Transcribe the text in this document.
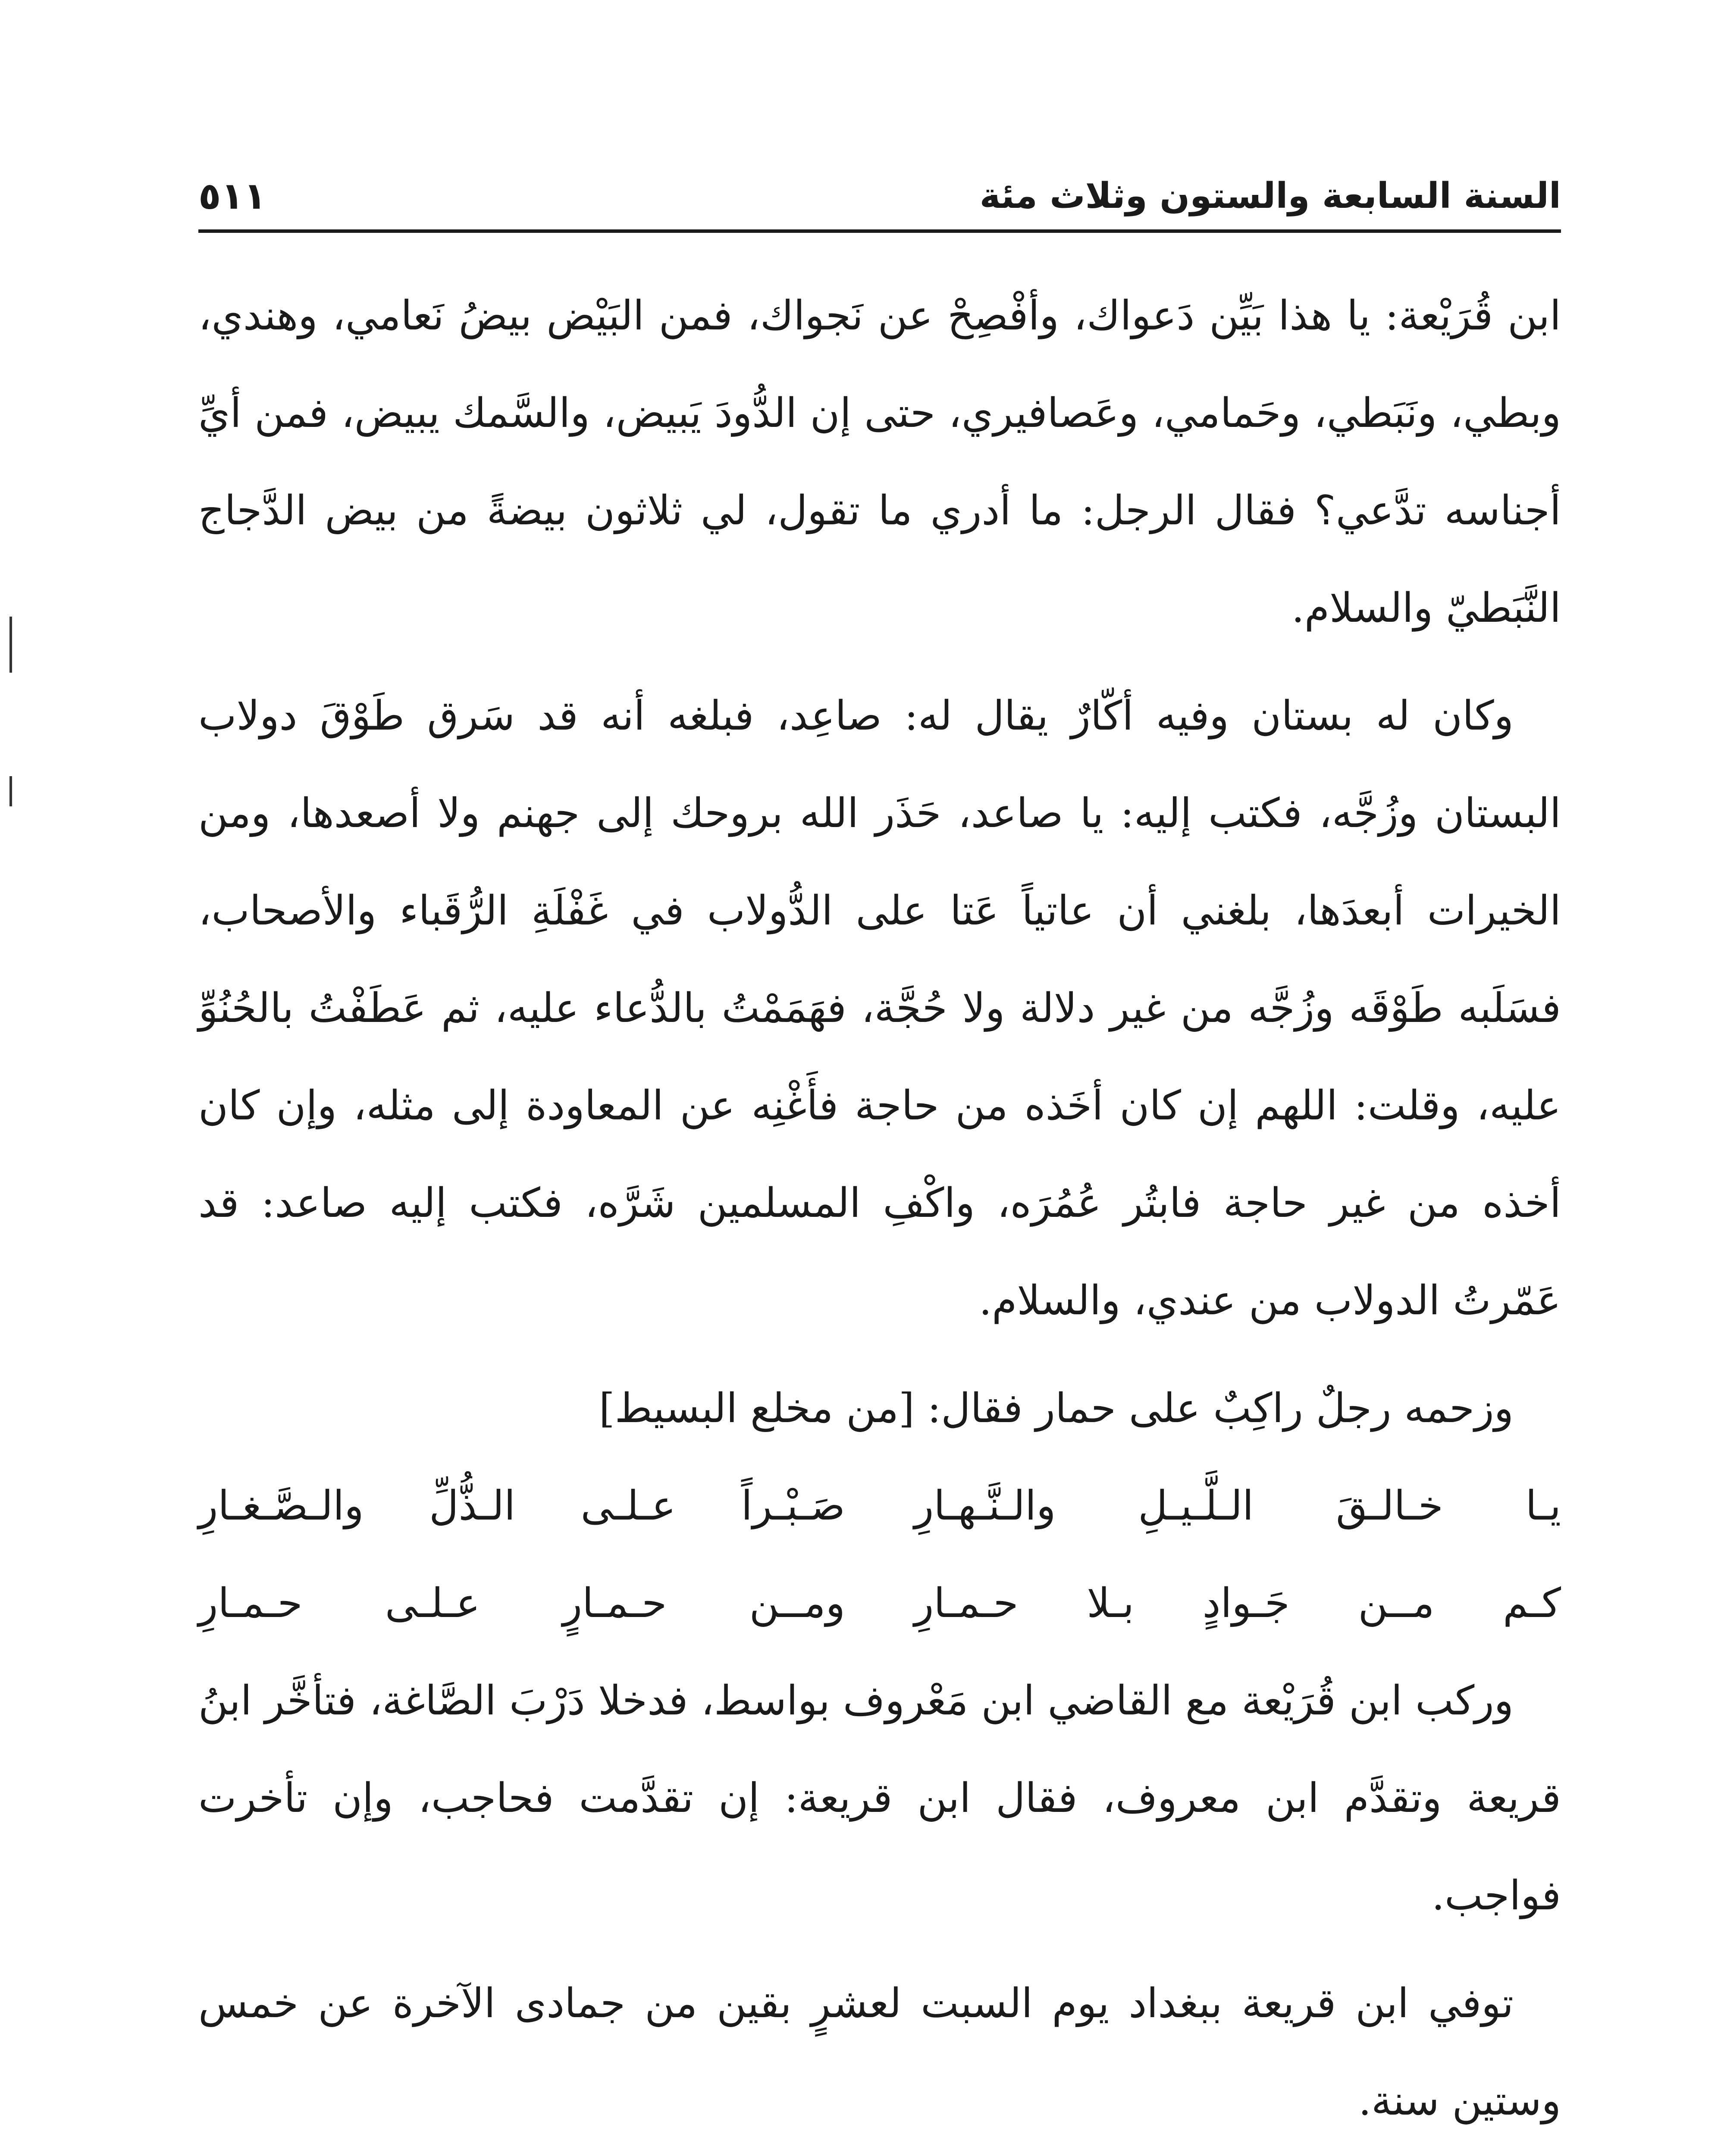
السنة السابعة والستون وثلاث مئة
٥١١

ابن قُرَيْعة: يا هذا بَيِّن دَعواك، وأفْصِحْ عن نَجواك، فمن البَيْض بيضُ نَعامي، وهندي، وبطي، ونَبَطي، وحَمامي، وعَصافيري، حتى إن الدُّودَ يَبيض، والسَّمك يبيض، فمن أيِّ أجناسه تدَّعي؟ فقال الرجل: ما أدري ما تقول، لي ثلاثون بيضةً من بيض الدَّجاج النَّبَطيّ والسلام.

وكان له بستان وفيه أكّارٌ يقال له: صاعِد، فبلغه أنه قد سَرق طَوْقَ دولاب البستان وزُجَّه، فكتب إليه: يا صاعد، حَذَر الله بروحك إلى جهنم ولا أصعدها، ومن الخيرات أبعدَها، بلغني أن عاتياً عَتا على الدُّولاب في غَفْلَةِ الرُّقَباء والأصحاب، فسَلَبه طَوْقَه وزُجَّه من غير دلالة ولا حُجَّة، فهَمَمْتُ بالدُّعاء عليه، ثم عَطَفْتُ بالحُنُوِّ عليه، وقلت: اللهم إن كان أخَذه من حاجة فأَغْنِه عن المعاودة إلى مثله، وإن كان أخذه من غير حاجة فابتُر عُمُرَه، واكْفِ المسلمين شَرَّه، فكتب إليه صاعد: قد عَمّرتُ الدولاب من عندي، والسلام.

وزحمه رجلٌ راكِبٌ على حمار فقال: [من مخلع البسيط]

يـا خـالـقَ الـلَّـيـلِ والـنَّـهـارِ
صَـبْـراً عـلـى الـذُّلِّ والـصَّـغـارِ
كـم مــن جَـوادٍ بـلا حـمـارِ
ومــن حـمـارٍ عـلـى حـمـارِ

وركب ابن قُرَيْعة مع القاضي ابن مَعْروف بواسط، فدخلا دَرْبَ الصَّاغة، فتأخَّر ابنُ قريعة وتقدَّم ابن معروف، فقال ابن قريعة: إن تقدَّمت فحاجب، وإن تأخرت فواجب.

توفي ابن قريعة ببغداد يوم السبت لعشرٍ بقين من جمادى الآخرة عن خمس وستين سنة.
